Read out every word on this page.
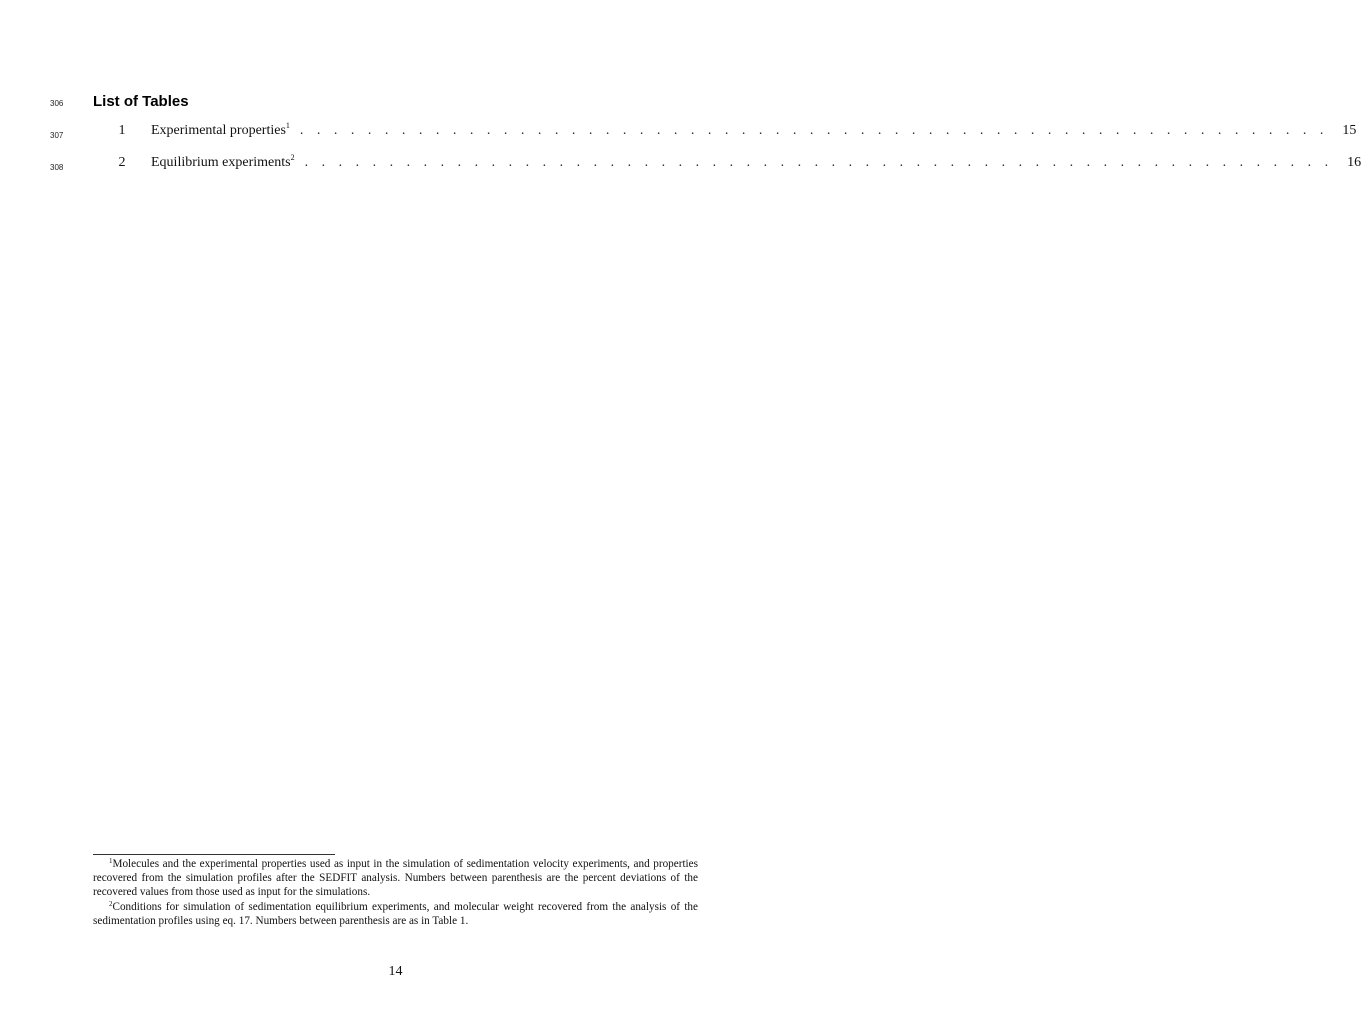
306 List of Tables
307	1	Experimental properties$^1$ . . . . . . . . . . . . . . . . . . . . . . . . . . . . . . . . . . . . . . . . . . . . . . . . . . . . . . . . . . . . .	15
308	2	Equilibrium experiments$^2$ . . . . . . . . . . . . . . . . . . . . . . . . . . . . . . . . . . . . . . . . . . . . . . . . . . . . . . . . . . . . .	16

$^1$Molecules and the experimental properties used as input in the simulation of sedimentation velocity experiments, and properties recovered from the simulation profiles after the SEDFIT analysis. Numbers between parenthesis are the percent deviations of the recovered values from those used as input for the simulations.

$^2$Conditions for simulation of sedimentation equilibrium experiments, and molecular weight recovered from the analysis of the sedimentation profiles using eq. 17. Numbers between parenthesis are as in Table 1.

14
